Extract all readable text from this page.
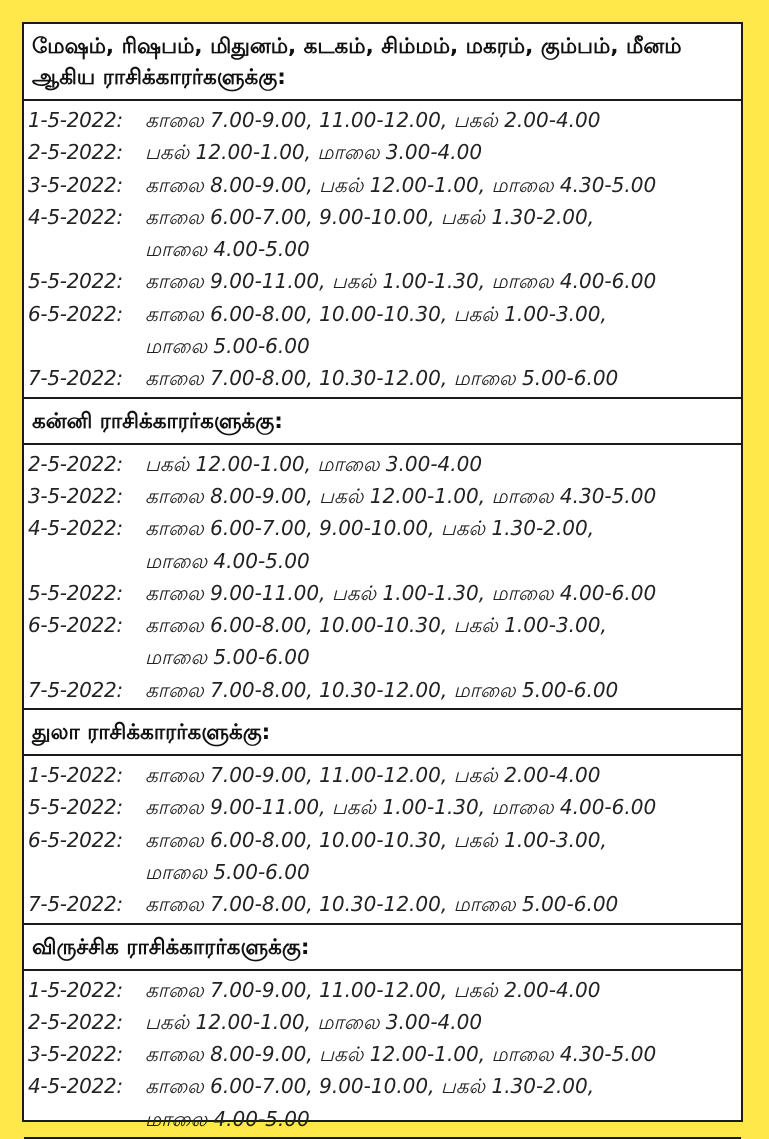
மேஷம், ரிஷபம், மிதுனம், கடகம், சிம்மம், மகரம், கும்பம், மீனம்
ஆகிய ராசிக்காரர்களுக்கு:
1-5-2022:	காலை 7.00-9.00, 11.00-12.00, பகல் 2.00-4.00
2-5-2022:	பகல் 12.00-1.00, மாலை 3.00-4.00
3-5-2022:	காலை 8.00-9.00, பகல் 12.00-1.00, மாலை 4.30-5.00
4-5-2022:	காலை 6.00-7.00, 9.00-10.00, பகல் 1.30-2.00,
மாலை 4.00-5.00
5-5-2022:	காலை 9.00-11.00, பகல் 1.00-1.30, மாலை 4.00-6.00
6-5-2022:	காலை 6.00-8.00, 10.00-10.30, பகல் 1.00-3.00,
மாலை 5.00-6.00
7-5-2022:	காலை 7.00-8.00, 10.30-12.00, மாலை 5.00-6.00
கன்னி ராசிக்காரர்களுக்கு:
2-5-2022:	பகல் 12.00-1.00, மாலை 3.00-4.00
3-5-2022:	காலை 8.00-9.00, பகல் 12.00-1.00, மாலை 4.30-5.00
4-5-2022:	காலை 6.00-7.00, 9.00-10.00, பகல் 1.30-2.00,
மாலை 4.00-5.00
5-5-2022:	காலை 9.00-11.00, பகல் 1.00-1.30, மாலை 4.00-6.00
6-5-2022:	காலை 6.00-8.00, 10.00-10.30, பகல் 1.00-3.00,
மாலை 5.00-6.00
7-5-2022:	காலை 7.00-8.00, 10.30-12.00, மாலை 5.00-6.00
துலா ராசிக்காரர்களுக்கு:
1-5-2022:	காலை 7.00-9.00, 11.00-12.00, பகல் 2.00-4.00
5-5-2022:	காலை 9.00-11.00, பகல் 1.00-1.30, மாலை 4.00-6.00
6-5-2022:	காலை 6.00-8.00, 10.00-10.30, பகல் 1.00-3.00,
மாலை 5.00-6.00
7-5-2022:	காலை 7.00-8.00, 10.30-12.00, மாலை 5.00-6.00
விருச்சிக ராசிக்காரர்களுக்கு:
1-5-2022:	காலை 7.00-9.00, 11.00-12.00, பகல் 2.00-4.00
2-5-2022:	பகல் 12.00-1.00, மாலை 3.00-4.00
3-5-2022:	காலை 8.00-9.00, பகல் 12.00-1.00, மாலை 4.30-5.00
4-5-2022:	காலை 6.00-7.00, 9.00-10.00, பகல் 1.30-2.00,
மாலை 4.00-5.00
